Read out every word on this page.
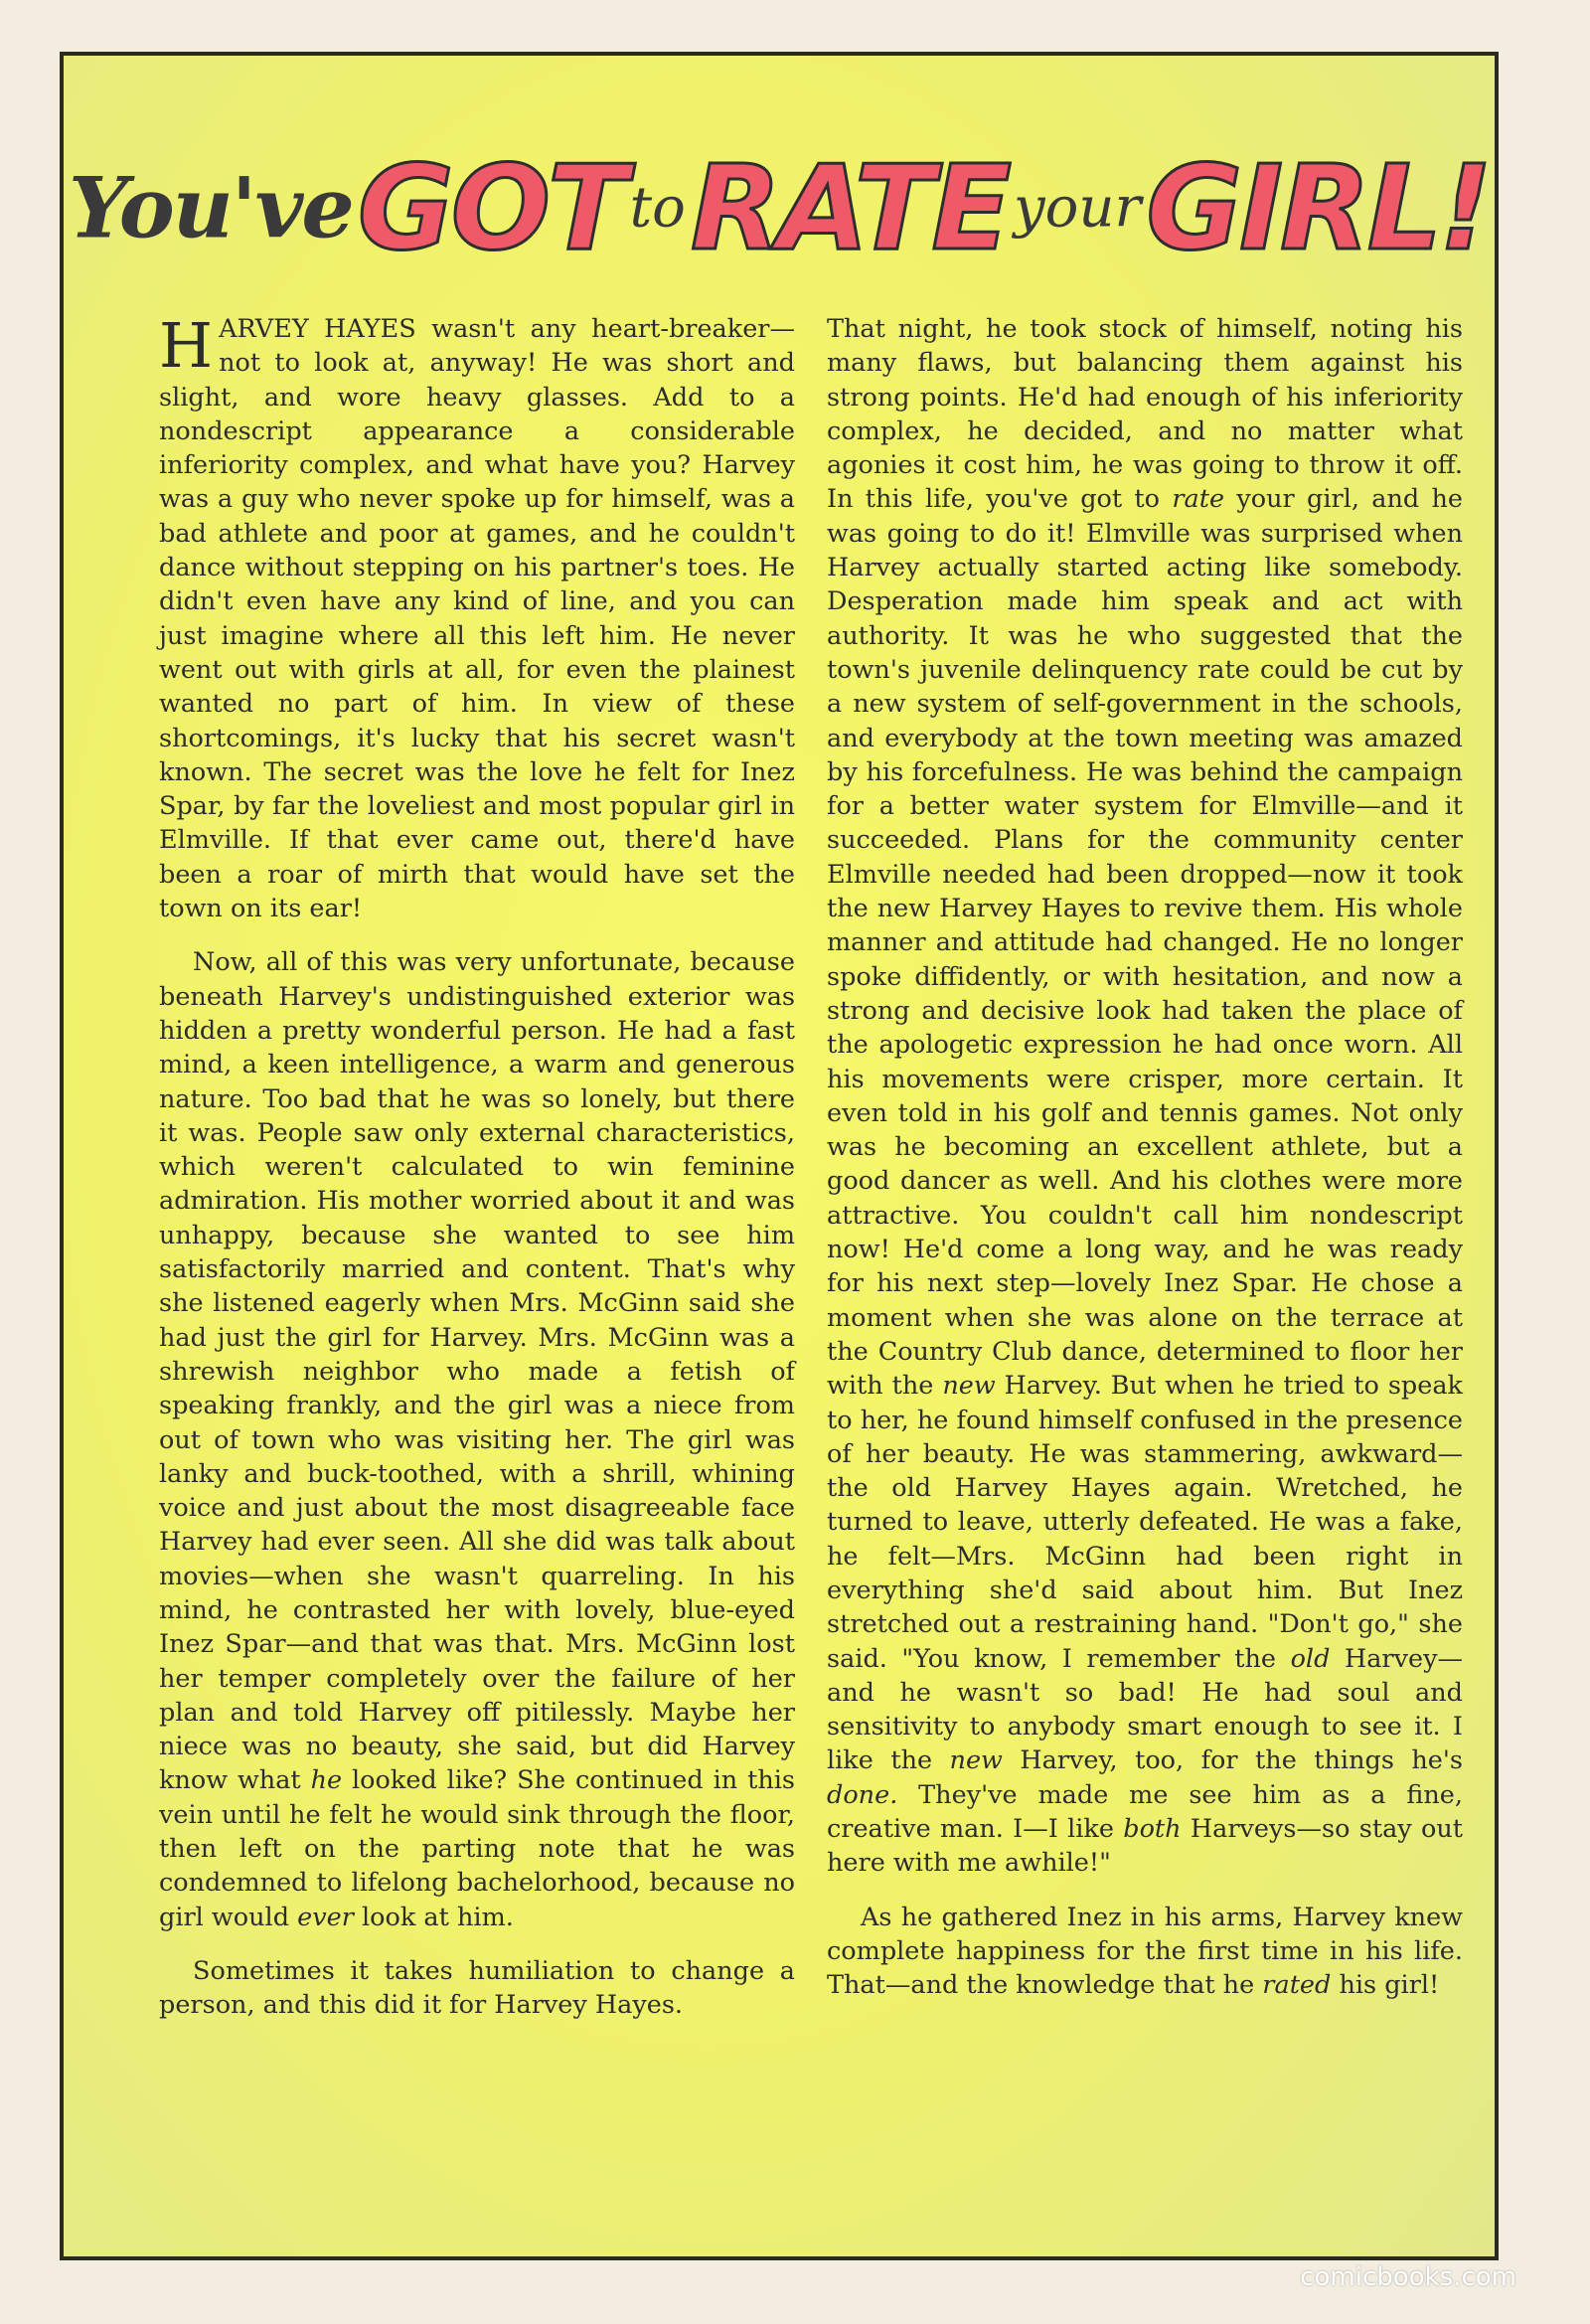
You've GOT to RATE your GIRL!

HARVEY HAYES wasn't any heart-breaker—not to look at, anyway! He was short and slight, and wore heavy glasses. Add to a nondescript appearance a considerable inferiority complex, and what have you? Harvey was a guy who never spoke up for himself, was a bad athlete and poor at games, and he couldn't dance without stepping on his partner's toes. He didn't even have any kind of line, and you can just imagine where all this left him. He never went out with girls at all, for even the plainest wanted no part of him. In view of these shortcomings, it's lucky that his secret wasn't known. The secret was the love he felt for Inez Spar, by far the loveliest and most popular girl in Elmville. If that ever came out, there'd have been a roar of mirth that would have set the town on its ear!

Now, all of this was very unfortunate, because beneath Harvey's undistinguished exterior was hidden a pretty wonderful person. He had a fast mind, a keen intelligence, a warm and generous nature. Too bad that he was so lonely, but there it was. People saw only external characteristics, which weren't calculated to win feminine admiration. His mother worried about it and was unhappy, because she wanted to see him satisfactorily married and content. That's why she listened eagerly when Mrs. McGinn said she had just the girl for Harvey. Mrs. McGinn was a shrewish neighbor who made a fetish of speaking frankly, and the girl was a niece from out of town who was visiting her. The girl was lanky and buck-toothed, with a shrill, whining voice and just about the most disagreeable face Harvey had ever seen. All she did was talk about movies—when she wasn't quarreling. In his mind, he contrasted her with lovely, blue-eyed Inez Spar—and that was that. Mrs. McGinn lost her temper completely over the failure of her plan and told Harvey off pitilessly. Maybe her niece was no beauty, she said, but did Harvey know what he looked like? She continued in this vein until he felt he would sink through the floor, then left on the parting note that he was condemned to lifelong bachelorhood, because no girl would ever look at him.

Sometimes it takes humiliation to change a person, and this did it for Harvey Hayes.

That night, he took stock of himself, noting his many flaws, but balancing them against his strong points. He'd had enough of his inferiority complex, he decided, and no matter what agonies it cost him, he was going to throw it off. In this life, you've got to rate your girl, and he was going to do it! Elmville was surprised when Harvey actually started acting like somebody. Desperation made him speak and act with authority. It was he who suggested that the town's juvenile delinquency rate could be cut by a new system of self-government in the schools, and everybody at the town meeting was amazed by his forcefulness. He was behind the campaign for a better water system for Elmville—and it succeeded. Plans for the community center Elmville needed had been dropped—now it took the new Harvey Hayes to revive them. His whole manner and attitude had changed. He no longer spoke diffidently, or with hesitation, and now a strong and decisive look had taken the place of the apologetic expression he had once worn. All his movements were crisper, more certain. It even told in his golf and tennis games. Not only was he becoming an excellent athlete, but a good dancer as well. And his clothes were more attractive. You couldn't call him nondescript now! He'd come a long way, and he was ready for his next step—lovely Inez Spar. He chose a moment when she was alone on the terrace at the Country Club dance, determined to floor her with the new Harvey. But when he tried to speak to her, he found himself confused in the presence of her beauty. He was stammering, awkward—the old Harvey Hayes again. Wretched, he turned to leave, utterly defeated. He was a fake, he felt—Mrs. McGinn had been right in everything she'd said about him. But Inez stretched out a restraining hand. "Don't go," she said. "You know, I remember the old Harvey—and he wasn't so bad! He had soul and sensitivity to anybody smart enough to see it. I like the new Harvey, too, for the things he's done. They've made me see him as a fine, creative man. I—I like both Harveys—so stay out here with me awhile!"

As he gathered Inez in his arms, Harvey knew complete happiness for the first time in his life. That—and the knowledge that he rated his girl!

comicbooks.com
